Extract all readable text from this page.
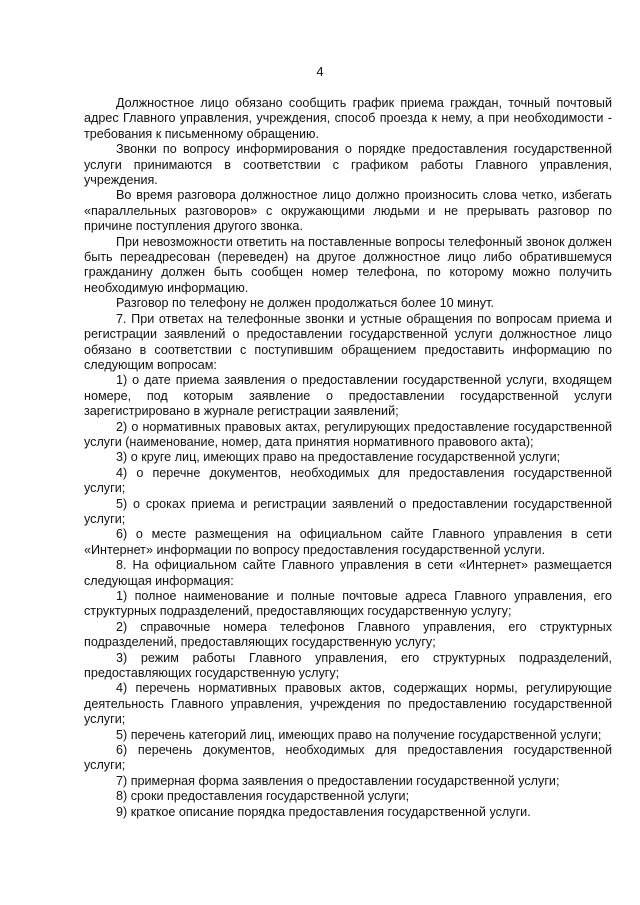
4

Должностное лицо обязано сообщить график приема граждан, точный почтовый адрес Главного управления, учреждения, способ проезда к нему, а при необходимости - требования к письменному обращению.

Звонки по вопросу информирования о порядке предоставления государственной услуги принимаются в соответствии с графиком работы Главного управления, учреждения.

Во время разговора должностное лицо должно произносить слова четко, избегать «параллельных разговоров» с окружающими людьми и не прерывать разговор по причине поступления другого звонка.

При невозможности ответить на поставленные вопросы телефонный звонок должен быть переадресован (переведен) на другое должностное лицо либо обратившемуся гражданину должен быть сообщен номер телефона, по которому можно получить необходимую информацию.

Разговор по телефону не должен продолжаться более 10 минут.

7. При ответах на телефонные звонки и устные обращения по вопросам приема и регистрации заявлений о предоставлении государственной услуги должностное лицо обязано в соответствии с поступившим обращением предоставить информацию по следующим вопросам:

1) о дате приема заявления о предоставлении государственной услуги, входящем номере, под которым заявление о предоставлении государственной услуги зарегистрировано в журнале регистрации заявлений;

2) о нормативных правовых актах, регулирующих предоставление государственной услуги (наименование, номер, дата принятия нормативного правового акта);

3) о круге лиц, имеющих право на предоставление государственной услуги;

4) о перечне документов, необходимых для предоставления государственной услуги;

5) о сроках приема и регистрации заявлений о предоставлении государственной услуги;

6) о месте размещения на официальном сайте Главного управления в сети «Интернет» информации по вопросу предоставления государственной услуги.

8. На официальном сайте Главного управления в сети «Интернет» размещается следующая информация:

1) полное наименование и полные почтовые адреса Главного управления, его структурных подразделений, предоставляющих государственную услугу;

2) справочные номера телефонов Главного управления, его структурных подразделений, предоставляющих государственную услугу;

3) режим работы Главного управления, его структурных подразделений, предоставляющих государственную услугу;

4) перечень нормативных правовых актов, содержащих нормы, регулирующие деятельность Главного управления, учреждения по предоставлению государственной услуги;

5) перечень категорий лиц, имеющих право на получение государственной услуги;

6) перечень документов, необходимых для предоставления государственной услуги;

7) примерная форма заявления о предоставлении государственной услуги;

8) сроки предоставления государственной услуги;

9) краткое описание порядка предоставления государственной услуги.
